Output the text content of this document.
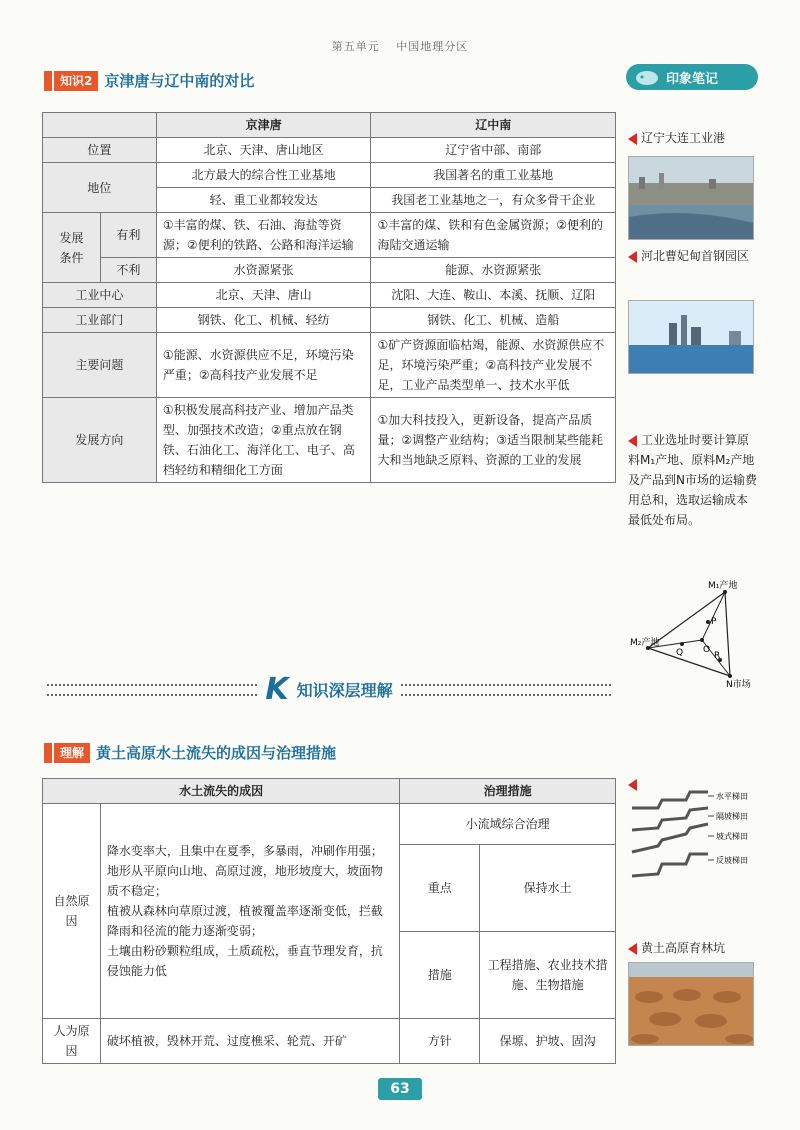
第五单元 中国地理分区
知识2 京津唐与辽中南的对比
		京津唐	辽中南
位置		北京、天津、唐山地区	辽宁省中部、南部
地位		北方最大的综合性工业基地	我国著名的重工业基地
		轻、重工业都较发达	我国老工业基地之一，有众多骨干企业
发展
条件	有利	①丰富的煤、铁、石油、海盐等资源；②便利的铁路、公路和海洋运输	①丰富的煤、铁和有色金属资源；②便利的海陆交通运输
	不利	水资源紧张	能源、水资源紧张
工业中心		北京、天津、唐山	沈阳、大连、鞍山、本溪、抚顺、辽阳
工业部门		钢铁、化工、机械、轻纺	钢铁、化工、机械、造船
主要问题		①能源、水资源供应不足，环境污染严重；②高科技产业发展不足	①矿产资源面临枯竭，能源、水资源供应不足，环境污染严重；②高科技产业发展不足，工业产品类型单一、技术水平低
发展方向		①积极发展高科技产业、增加产品类型、加强技术改造；②重点放在钢铁、石油化工、海洋化工、电子、高档轻纺和精细化工方面	①加大科技投入，更新设备，提高产品质量；②调整产业结构；③适当限制某些能耗大和当地缺乏原料、资源的工业的发展
印象笔记
辽宁大连工业港
河北曹妃甸首钢园区
工业选址时要计算原料M₁产地、原料M₂产地及产品到N市场的运输费用总和，选取运输成本最低处布局。
M₁产地
M₂产地
N市场
P
Q O
R
K 知识深层理解
理解 黄土高原水土流失的成因与治理措施
水土流失的成因		治理措施	
自然原因	降水变率大，且集中在夏季，多暴雨，冲刷作用强；
地形从平原向山地、高原过渡，地形坡度大，坡面物质不稳定；
植被从森林向草原过渡，植被覆盖率逐渐变低，拦截降雨和径流的能力逐渐变弱；
土壤由粉砂颗粒组成，土质疏松，垂直节理发育，抗侵蚀能力低	小流域综合治理	
		重点	保持水土
		措施	工程措施、农业技术措施、生物措施
人为原因	破坏植被，毁林开荒、过度樵采、轮荒、开矿	方针	保塬、护坡、固沟
水平梯田
隔坡梯田
坡式梯田
反坡梯田
黄土高原育林坑
63
